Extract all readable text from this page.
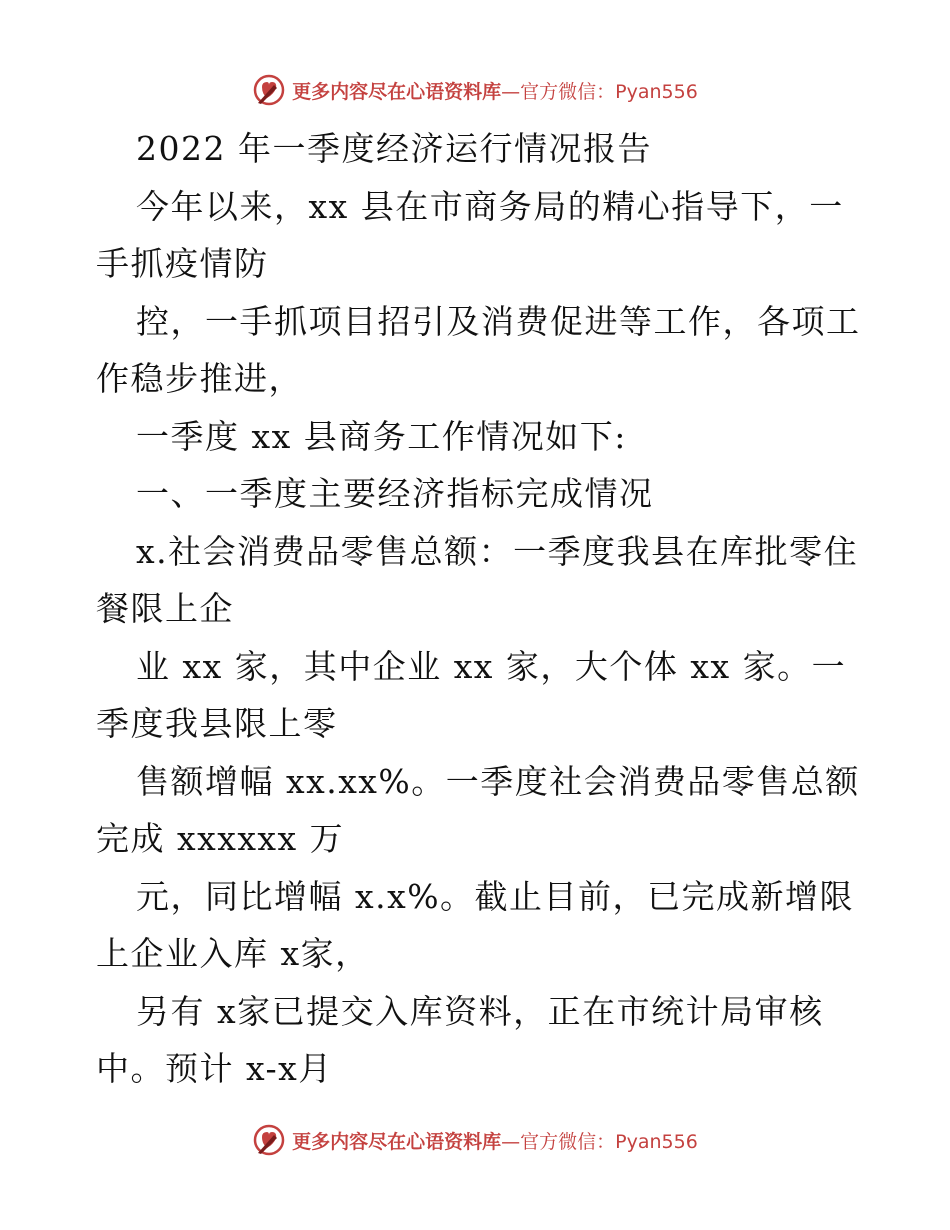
更多内容尽在心语资料库 —官方微信：Pyan556
2022 年一季度经济运行情况报告
今年以来，xx 县在市商务局的精心指导下，一
手抓疫情防
控，一手抓项目招引及消费促进等工作，各项工
作稳步推进，
一季度 xx 县商务工作情况如下:
一、一季度主要经济指标完成情况
x.社会消费品零售总额：一季度我县在库批零住
餐限上企
业 xx 家，其中企业 xx 家，大个体 xx 家。一
季度我县限上零
售额增幅 xx.xx%。一季度社会消费品零售总额
完成 xxxxxx 万
元，同比增幅 x.x%。截止目前，已完成新增限
上企业入库 x家，
另有 x家已提交入库资料，正在市统计局审核
中。预计 x-x月
更多内容尽在心语资料库 —官方微信：Pyan556
